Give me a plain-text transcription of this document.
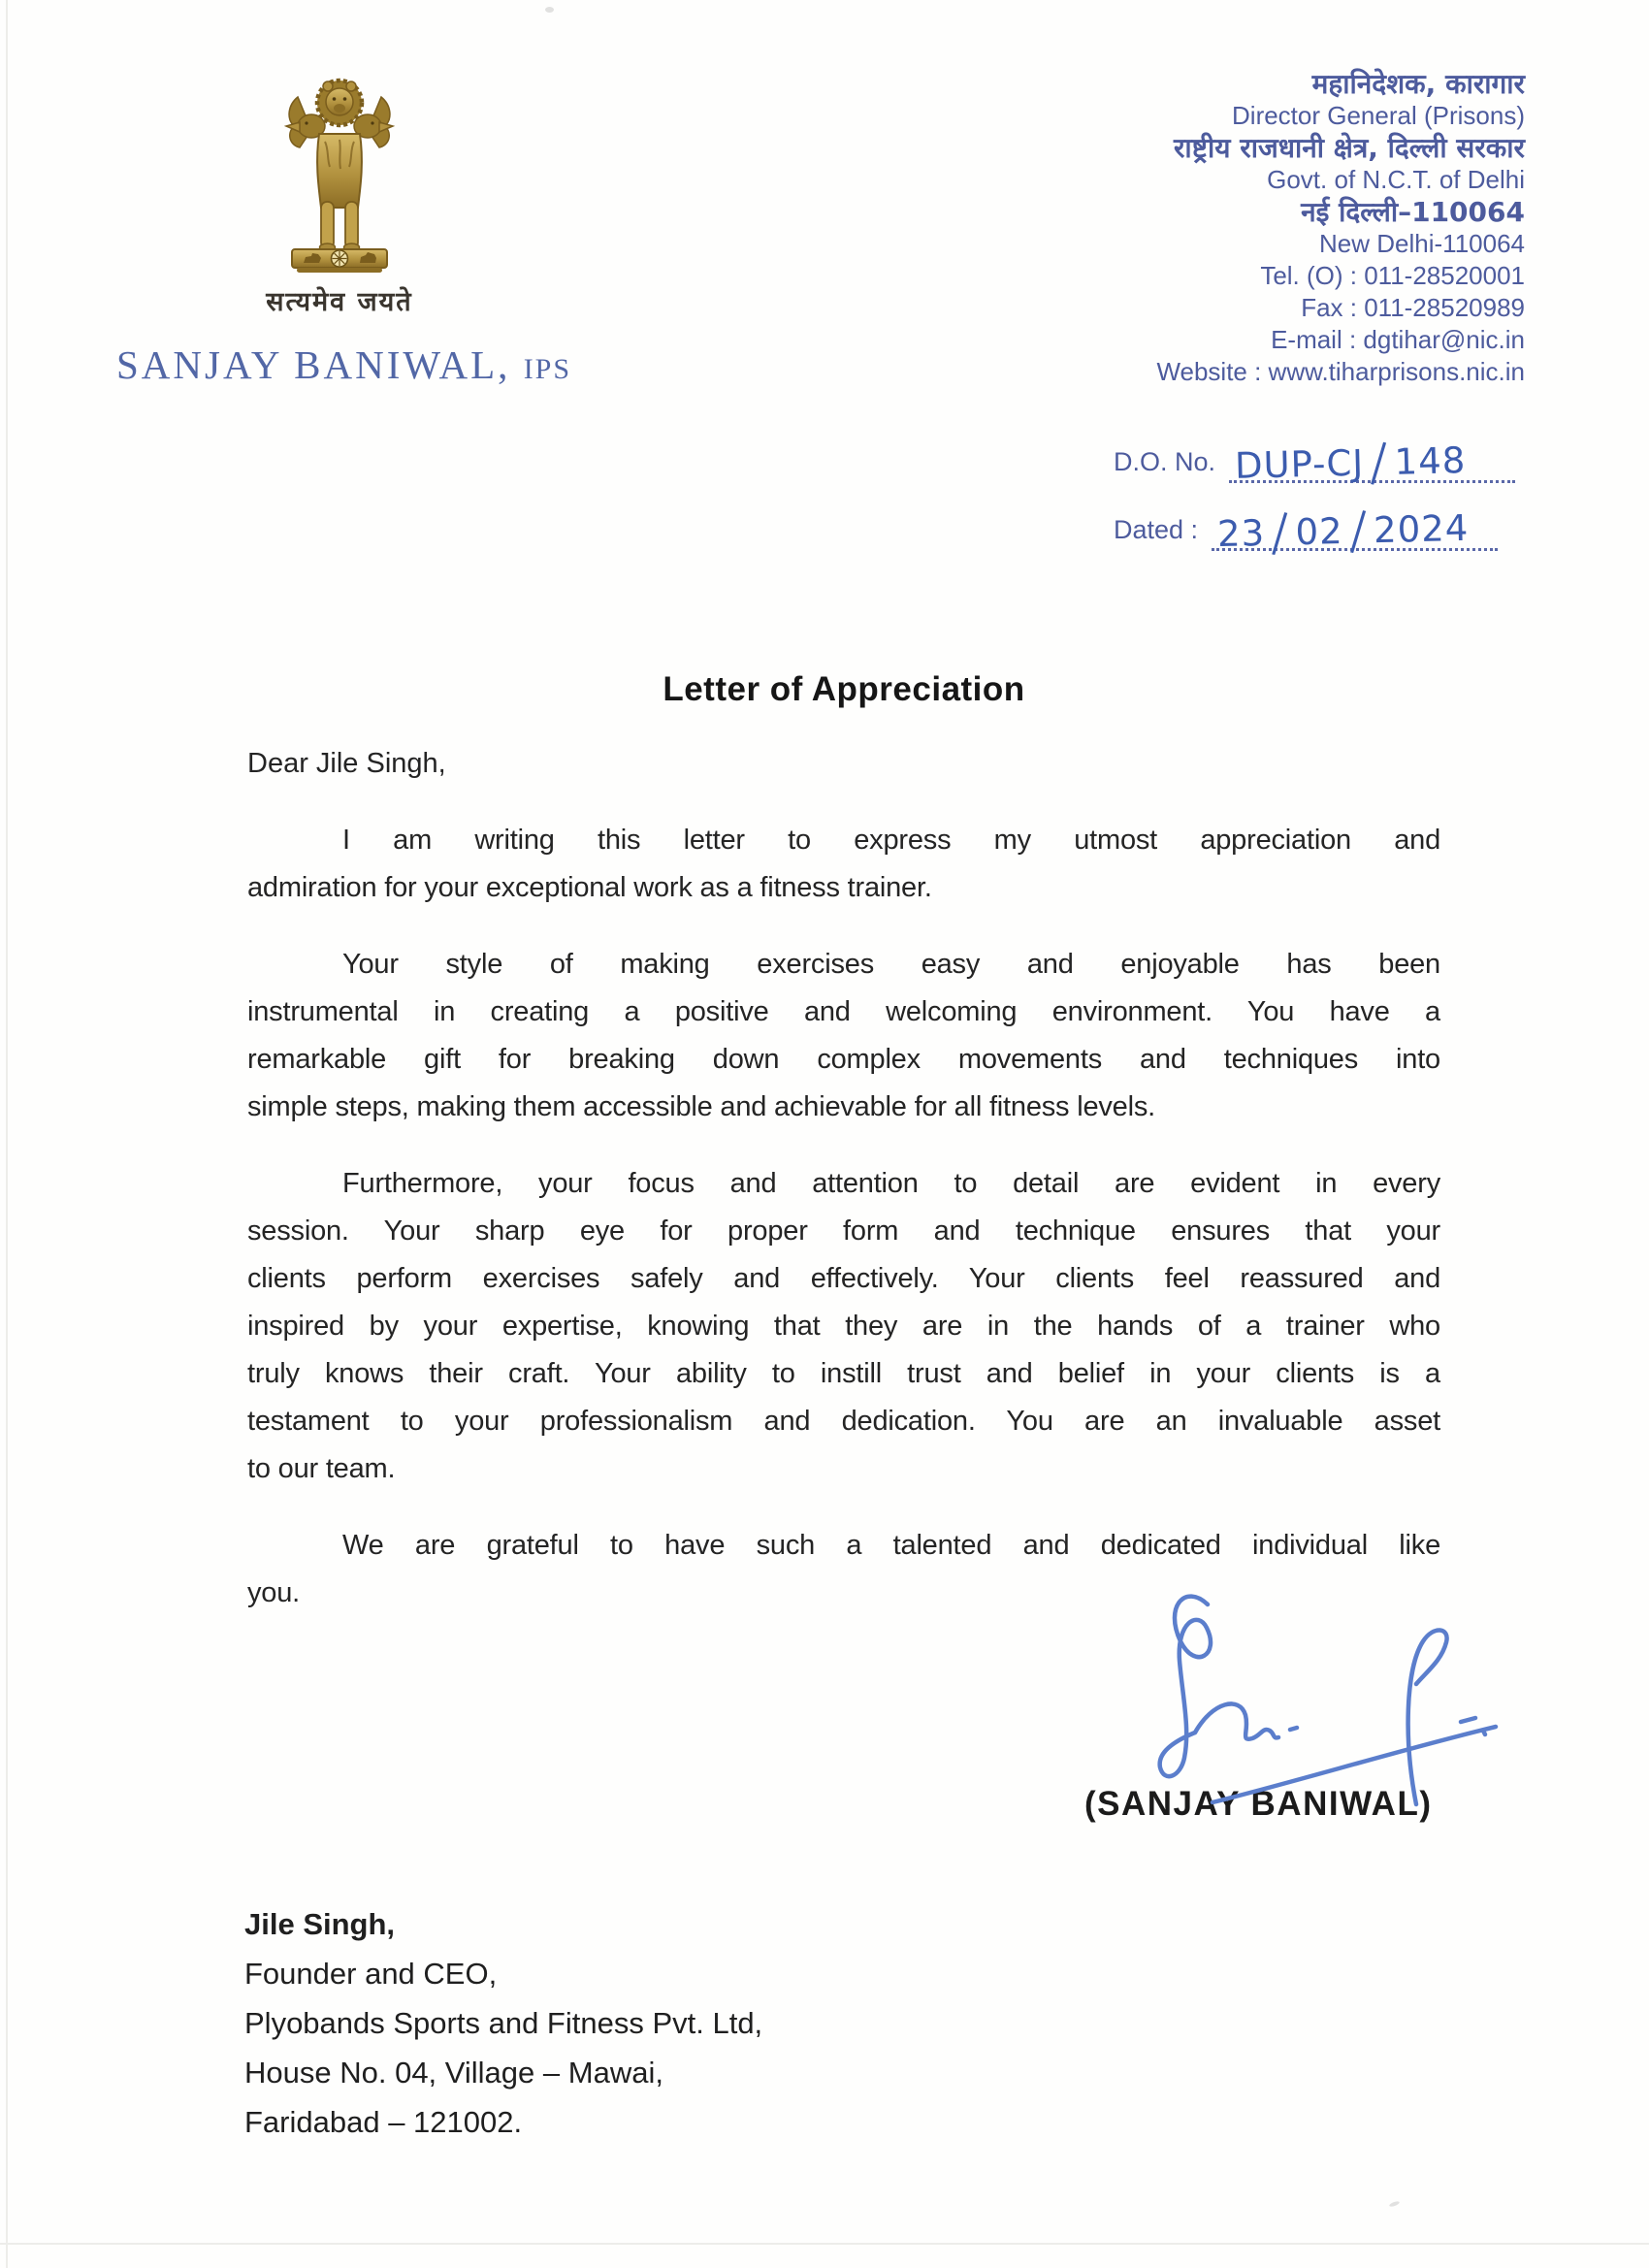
सत्यमेव जयते
SANJAY BANIWAL, IPS
महानिदेशक, कारागार
Director General (Prisons)
राष्ट्रीय राजधानी क्षेत्र, दिल्ली सरकार
Govt. of N.C.T. of Delhi
नई दिल्ली–110064
New Delhi-110064
Tel. (O) : 011-28520001
Fax : 011-28520989
E-mail : dgtihar@nic.in
Website : www.tiharprisons.nic.in
D.O. No. DUP-CJ / 148
Dated : 23 / 02 / 2024
Letter of Appreciation
Dear Jile Singh,
I am writing this letter to express my utmost appreciation and
admiration for your exceptional work as a fitness trainer.
Your style of making exercises easy and enjoyable has been
instrumental in creating a positive and welcoming environment. You have a
remarkable gift for breaking down complex movements and techniques into
simple steps, making them accessible and achievable for all fitness levels.
Furthermore, your focus and attention to detail are evident in every
session. Your sharp eye for proper form and technique ensures that your
clients perform exercises safely and effectively. Your clients feel reassured and
inspired by your expertise, knowing that they are in the hands of a trainer who
truly knows their craft. Your ability to instill trust and belief in your clients is a
testament to your professionalism and dedication. You are an invaluable asset
to our team.
We are grateful to have such a talented and dedicated individual like
you.
(SANJAY BANIWAL)
Jile Singh,
Founder and CEO,
Plyobands Sports and Fitness Pvt. Ltd,
House No. 04, Village – Mawai,
Faridabad – 121002.
